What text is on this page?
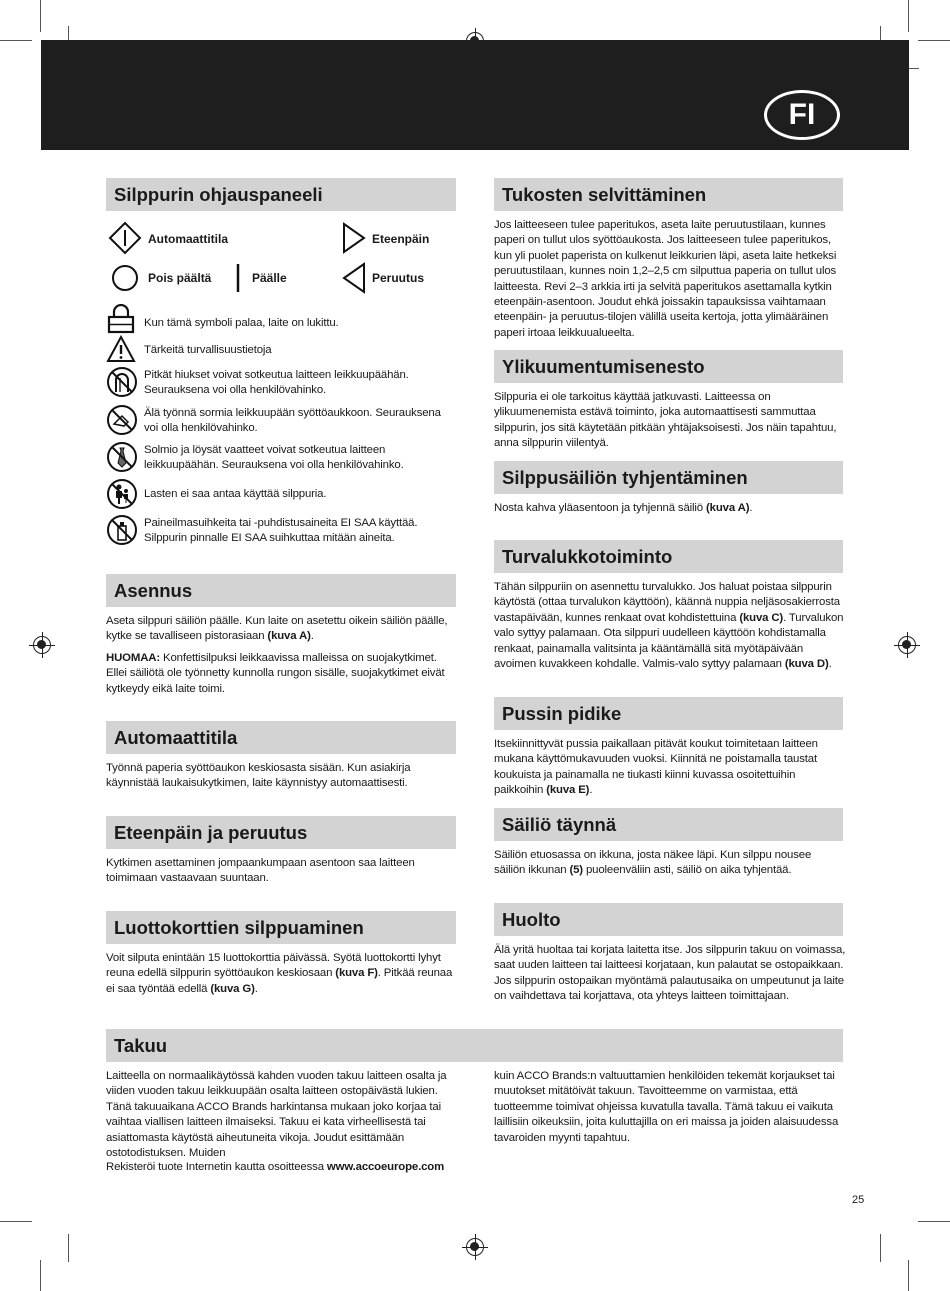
FI
Silppurin ohjauspaneeli
Automaattitila	Eteenpäin
Pois päältä	Päälle	Peruutus
Kun tämä symboli palaa, laite on lukittu.
Tärkeitä turvallisuustietoja
Pitkät hiukset voivat sotkeutua laitteen leikkuupäähän. Seurauksena voi olla henkilövahinko.
Älä työnnä sormia leikkuupään syöttöaukkoon. Seurauksena voi olla henkilövahinko.
Solmio ja löysät vaatteet voivat sotkeutua laitteen leikkuupäähän. Seurauksena voi olla henkilövahinko.
Lasten ei saa antaa käyttää silppuria.
Paineilmasuihkeita tai -puhdistusaineita EI SAA käyttää. Silppurin pinnalle EI SAA suihkuttaa mitään aineita.
Asennus
Aseta silppuri säiliön päälle. Kun laite on asetettu oikein säiliön päälle, kytke se tavalliseen pistorasiaan (kuva A).
HUOMAA: Konfettisilpuksi leikkaavissa malleissa on suojakytkimet. Ellei säiliötä ole työnnetty kunnolla rungon sisälle, suojakytkimet eivät kytkeydy eikä laite toimi.
Automaattitila
Työnnä paperia syöttöaukon keskiosasta sisään. Kun asiakirja käynnistää laukaisukytkimen, laite käynnistyy automaattisesti.
Eteenpäin ja peruutus
Kytkimen asettaminen jompaankumpaan asentoon saa laitteen toimimaan vastaavaan suuntaan.
Luottokorttien silppuaminen
Voit silputa enintään 15 luottokorttia päivässä. Syötä luottokortti lyhyt reuna edellä silppurin syöttöaukon keskiosaan (kuva F). Pitkää reunaa ei saa työntää edellä (kuva G).
Tukosten selvittäminen
Jos laitteeseen tulee paperitukos, aseta laite peruutustilaan, kunnes paperi on tullut ulos syöttöaukosta. Jos laitteeseen tulee paperitukos, kun yli puolet paperista on kulkenut leikkurien läpi, aseta laite hetkeksi peruutustilaan, kunnes noin 1,2–2,5 cm silputtua paperia on tullut ulos laitteesta. Revi 2–3 arkkia irti ja selvitä paperitukos asettamalla kytkin eteenpäin-asentoon. Joudut ehkä joissakin tapauksissa vaihtamaan eteenpäin- ja peruutus-tilojen välillä useita kertoja, jotta ylimääräinen paperi irtoaa leikkuualueelta.
Ylikuumentumisenesto
Silppuria ei ole tarkoitus käyttää jatkuvasti. Laitteessa on ylikuumenemista estävä toiminto, joka automaattisesti sammuttaa silppurin, jos sitä käytetään pitkään yhtäjaksoisesti. Jos näin tapahtuu, anna silppurin viilentyä.
Silppusäiliön tyhjentäminen
Nosta kahva yläasentoon ja tyhjennä säiliö (kuva A).
Turvalukkotoiminto
Tähän silppuriin on asennettu turvalukko. Jos haluat poistaa silppurin käytöstä (ottaa turvalukon käyttöön), käännä nuppia neljäsosakierrosta vastapäivään, kunnes renkaat ovat kohdistettuina (kuva C). Turvalukon valo syttyy palamaan. Ota silppuri uudelleen käyttöön kohdistamalla renkaat, painamalla valitsinta ja kääntämällä sitä myötäpäivään avoimen kuvakkeen kohdalle. Valmis-valo syttyy palamaan (kuva D).
Pussin pidike
Itsekiinnittyvät pussia paikallaan pitävät koukut toimitetaan laitteen mukana käyttömukavuuden vuoksi. Kiinnitä ne poistamalla taustat koukuista ja painamalla ne tiukasti kiinni kuvassa osoitettuihin paikkoihin (kuva E).
Säiliö täynnä
Säiliön etuosassa on ikkuna, josta näkee läpi. Kun silppu nousee säiliön ikkunan (5) puoleenväliin asti, säiliö on aika tyhjentää.
Huolto
Älä yritä huoltaa tai korjata laitetta itse. Jos silppurin takuu on voimassa, saat uuden laitteen tai laitteesi korjataan, kun palautat se ostopaikkaan. Jos silppurin ostopaikan myöntämä palautusaika on umpeutunut ja laite on vaihdettava tai korjattava, ota yhteys laitteen toimittajaan.
Takuu
Laitteella on normaalikäytössä kahden vuoden takuu laitteen osalta ja viiden vuoden takuu leikkuupään osalta laitteen ostopäivästä lukien. Tänä takuuaikana ACCO Brands harkintansa mukaan joko korjaa tai vaihtaa viallisen laitteen ilmaiseksi. Takuu ei kata virheellisestä tai asiattomasta käytöstä aiheutuneita vikoja. Joudut esittämään ostotodistuksen. Muiden
kuin ACCO Brands:n valtuuttamien henkilöiden tekemät korjaukset tai muutokset mitätöivät takuun. Tavoitteemme on varmistaa, että tuotteemme toimivat ohjeissa kuvatulla tavalla. Tämä takuu ei vaikuta laillisiin oikeuksiin, joita kuluttajilla on eri maissa ja joiden alaisuudessa tavaroiden myynti tapahtuu.
Rekisteröi tuote Internetin kautta osoitteessa www.accoeurope.com
25
